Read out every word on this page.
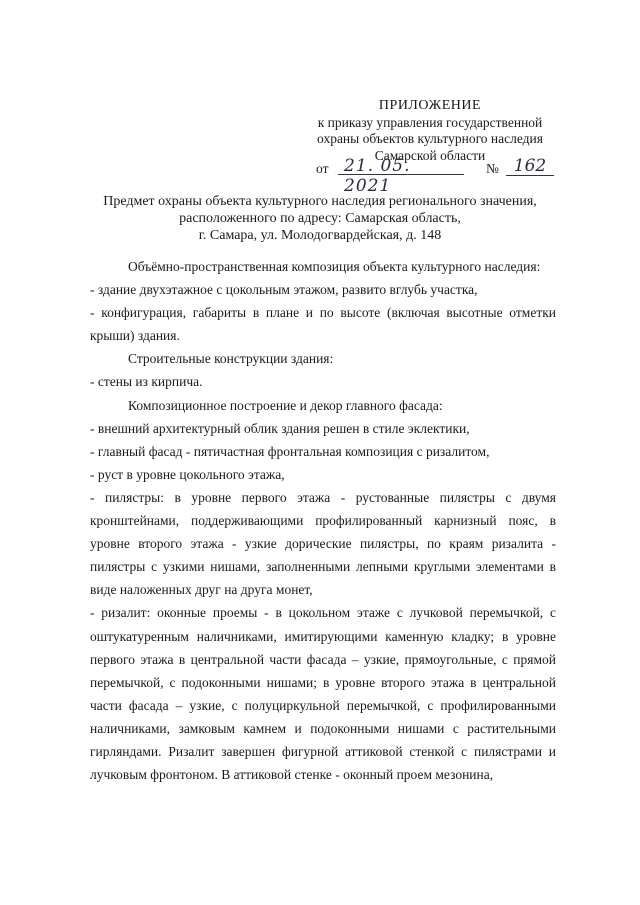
ПРИЛОЖЕНИЕ
к приказу управления государственной
охраны объектов культурного наследия
Самарской области
от 21. 05. 2021
№ 162
Предмет охраны объекта культурного наследия регионального значения,
расположенного по адресу: Самарская область,
г. Самара, ул. Молодогвардейская, д. 148

Объёмно-пространственная композиция объекта культурного наследия:

- здание двухэтажное с цокольным этажом, развито вглубь участка,

- конфигурация, габариты в плане и по высоте (включая высотные отметки крыши) здания.

Строительные конструкции здания:

- стены из кирпича.

Композиционное построение и декор главного фасада:

- внешний архитектурный облик здания решен в стиле эклектики,

- главный фасад - пятичастная фронтальная композиция с ризалитом,

- руст в уровне цокольного этажа,

- пилястры: в уровне первого этажа - рустованные пилястры с двумя кронштейнами, поддерживающими профилированный карнизный пояс, в уровне второго этажа - узкие дорические пилястры, по краям ризалита - пилястры с узкими нишами, заполненными лепными круглыми элементами в виде наложенных друг на друга монет,

- ризалит: оконные проемы - в цокольном этаже с лучковой перемычкой, с оштукатуренным наличниками, имитирующими каменную кладку; в уровне первого этажа в центральной части фасада – узкие, прямоугольные, с прямой перемычкой, с подоконными нишами; в уровне второго этажа в центральной части фасада – узкие, с полуциркульной перемычкой, с профилированными наличниками, замковым камнем и подоконными нишами с растительными гирляндами. Ризалит завершен фигурной аттиковой стенкой с пилястрами и лучковым фронтоном. В аттиковой стенке - оконный проем мезонина,
